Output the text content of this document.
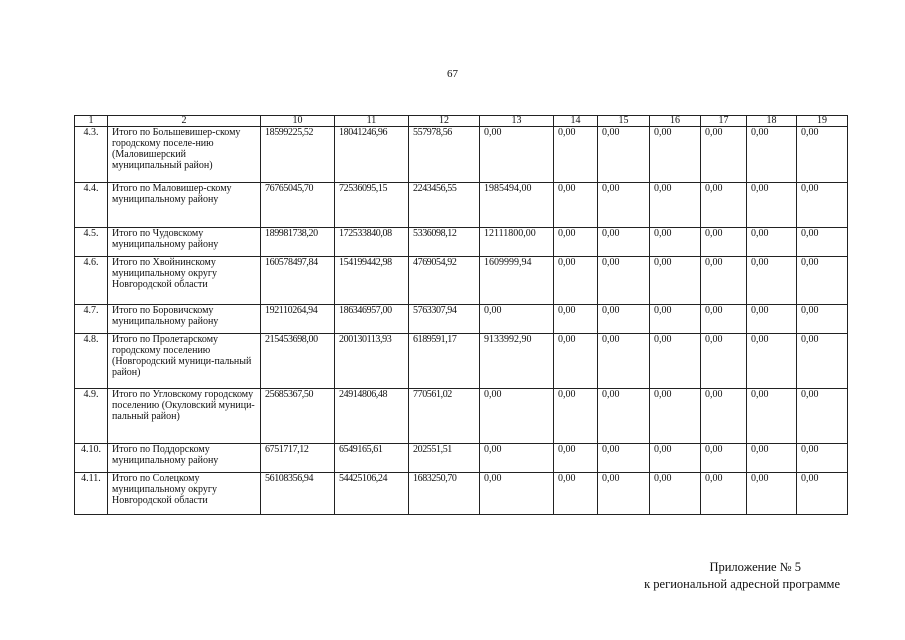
67
1	2	10	11	12	13	14	15	16	17	18	19
4.3.	Итого по Большевишер-скому городскому поселе-нию (Маловишерский муниципальный район)	18599225,52	18041246,96	557978,56	0,00	0,00	0,00	0,00	0,00	0,00	0,00
4.4.	Итого по Маловишер-скому муниципальному району	76765045,70	72536095,15	2243456,55	1985494,00	0,00	0,00	0,00	0,00	0,00	0,00
4.5.	Итого по Чудовскому муниципальному району	189981738,20	172533840,08	5336098,12	12111800,00	0,00	0,00	0,00	0,00	0,00	0,00
4.6.	Итого по Хвойнинскому муниципальному округу Новгородской области	160578497,84	154199442,98	4769054,92	1609999,94	0,00	0,00	0,00	0,00	0,00	0,00
4.7.	Итого по Боровичскому муниципальному району	192110264,94	186346957,00	5763307,94	0,00	0,00	0,00	0,00	0,00	0,00	0,00
4.8.	Итого по Пролетарскому городскому поселению (Новгородский муници-пальный район)	215453698,00	200130113,93	6189591,17	9133992,90	0,00	0,00	0,00	0,00	0,00	0,00
4.9.	Итого по Угловскому городскому поселению (Окуловский муници-пальный район)	25685367,50	24914806,48	770561,02	0,00	0,00	0,00	0,00	0,00	0,00	0,00
4.10.	Итого по Поддорскому муниципальному району	6751717,12	6549165,61	202551,51	0,00	0,00	0,00	0,00	0,00	0,00	0,00
4.11.	Итого по Солецкому муниципальному округу Новгородской области	56108356,94	54425106,24	1683250,70	0,00	0,00	0,00	0,00	0,00	0,00	0,00
Приложение № 5
к региональной адресной программе
